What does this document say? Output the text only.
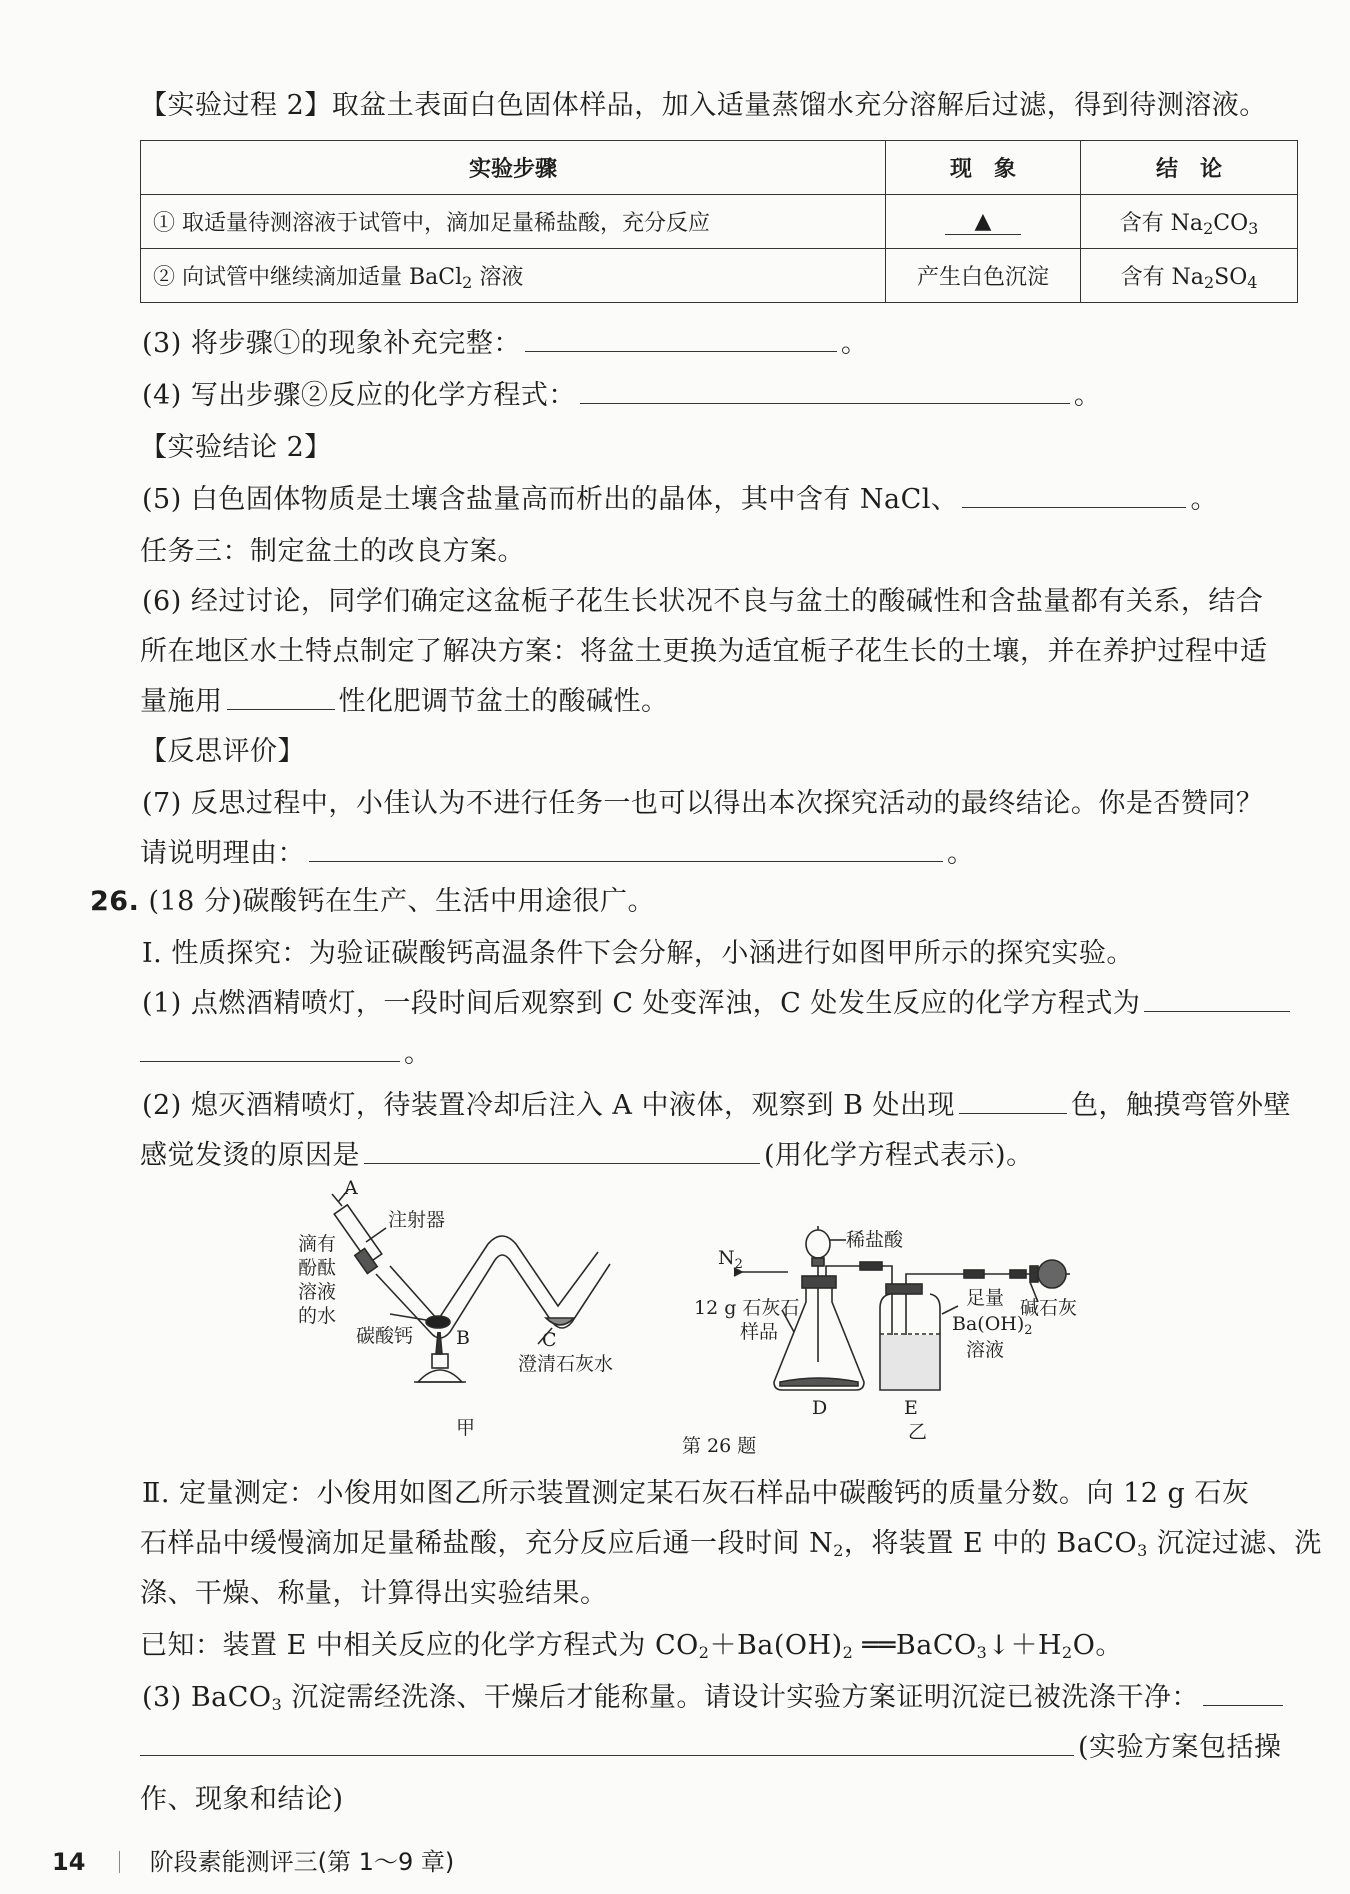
【实验过程 2】取盆土表面白色固体样品，加入适量蒸馏水充分溶解后过滤，得到待测溶液。
实验步骤	现　象	结　论
① 取适量待测溶液于试管中，滴加足量稀盐酸，充分反应	▲	含有 $Na_2CO_3$
② 向试管中继续滴加适量 BaCl$_2$ 溶液	产生白色沉淀	含有 $Na_2SO_4$
(3) 将步骤①的现象补充完整：	。
(4) 写出步骤②反应的化学方程式：	。
【实验结论 2】
(5) 白色固体物质是土壤含盐量高而析出的晶体，其中含有 NaCl、	。
任务三：制定盆土的改良方案。
(6) 经过讨论，同学们确定这盆栀子花生长状况不良与盆土的酸碱性和含盐量都有关系，结合
所在地区水土特点制定了解决方案：将盆土更换为适宜栀子花生长的土壤，并在养护过程中适
量施用	性化肥调节盆土的酸碱性。
【反思评价】
(7) 反思过程中，小佳认为不进行任务一也可以得出本次探究活动的最终结论。你是否赞同？
请说明理由：	。
26. (18 分)碳酸钙在生产、生活中用途很广。
Ⅰ. 性质探究：为验证碳酸钙高温条件下会分解，小涵进行如图甲所示的探究实验。
(1) 点燃酒精喷灯，一段时间后观察到 C 处变浑浊，C 处发生反应的化学方程式为
。
(2) 熄灭酒精喷灯，待装置冷却后注入 A 中液体，观察到 B 处出现	色，触摸弯管外壁
感觉发烫的原因是	(用化学方程式表示)。
A
注射器
滴有
酚酞
溶液
的水
碳酸钙 B	C
澄清石灰水
甲
$N_2$
稀盐酸
12 g 石灰石
样品
D	E
足量
$Ba(OH)_2$
溶液
碱石灰
乙
第 26 题
Ⅱ. 定量测定：小俊用如图乙所示装置测定某石灰石样品中碳酸钙的质量分数。向 12 g 石灰
石样品中缓慢滴加足量稀盐酸，充分反应后通一段时间 $N_2$，将装置 E 中的 BaCO$_3$ 沉淀过滤、洗
涤、干燥、称量，计算得出实验结果。
已知：装置 E 中相关反应的化学方程式为 $CO_2+Ba(OH)_2$ $══BaCO_3↓+H_2O$。
(3) BaCO$_3$ 沉淀需经洗涤、干燥后才能称量。请设计实验方案证明沉淀已被洗涤干净：
(实验方案包括操
作、现象和结论)
14	阶段素能测评三(第 1～9 章)
